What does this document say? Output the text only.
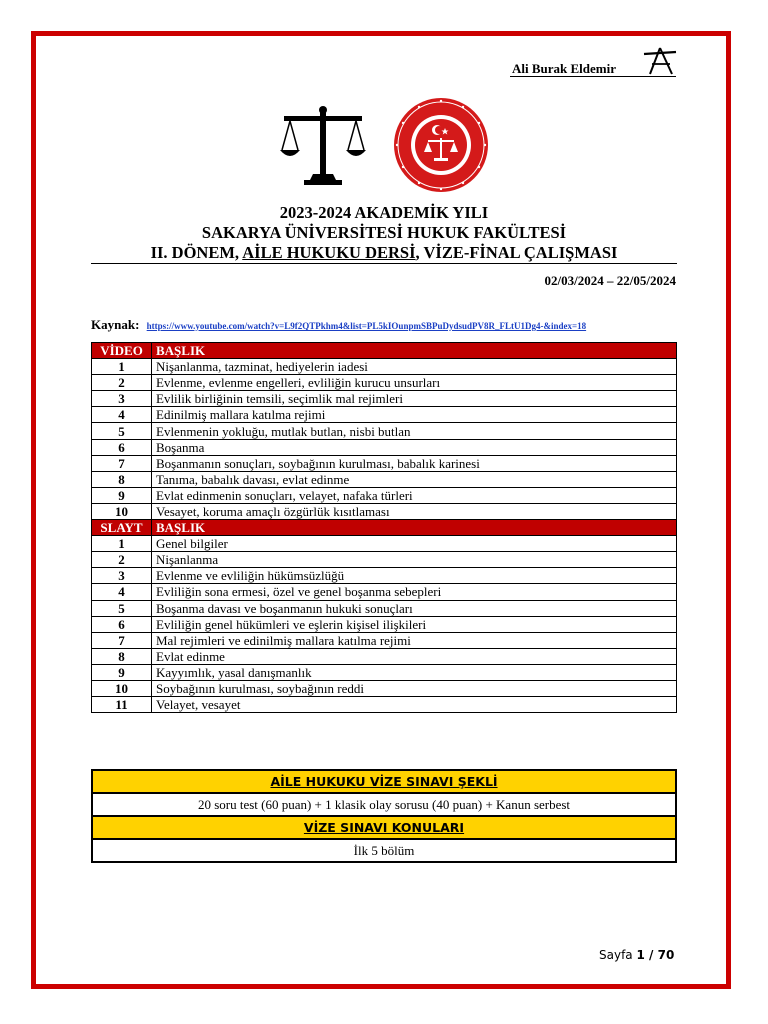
Ali Burak Eldemir
2023-2024 AKADEMİK YILI
SAKARYA ÜNİVERSİTESİ HUKUK FAKÜLTESİ
II. DÖNEM, AİLE HUKUKU DERSİ, VİZE-FİNAL ÇALIŞMASI
02/03/2024 – 22/05/2024
Kaynak: https://www.youtube.com/watch?v=L9f2QTPkhm4&list=PL5kIOunpmSBPuDydsudPV8R_FLtU1Dg4-&index=18
VİDEO	BAŞLIK
1	Nişanlanma, tazminat, hediyelerin iadesi
2	Evlenme, evlenme engelleri, evliliğin kurucu unsurları
3	Evlilik birliğinin temsili, seçimlik mal rejimleri
4	Edinilmiş mallara katılma rejimi
5	Evlenmenin yokluğu, mutlak butlan, nisbi butlan
6	Boşanma
7	Boşanmanın sonuçları, soybağının kurulması, babalık karinesi
8	Tanıma, babalık davası, evlat edinme
9	Evlat edinmenin sonuçları, velayet, nafaka türleri
10	Vesayet, koruma amaçlı özgürlük kısıtlaması
SLAYT	BAŞLIK
1	Genel bilgiler
2	Nişanlanma
3	Evlenme ve evliliğin hükümsüzlüğü
4	Evliliğin sona ermesi, özel ve genel boşanma sebepleri
5	Boşanma davası ve boşanmanın hukuki sonuçları
6	Evliliğin genel hükümleri ve eşlerin kişisel ilişkileri
7	Mal rejimleri ve edinilmiş mallara katılma rejimi
8	Evlat edinme
9	Kayyımlık, yasal danışmanlık
10	Soybağının kurulması, soybağının reddi
11	Velayet, vesayet
AİLE HUKUKU VİZE SINAVI ŞEKLİ
20 soru test (60 puan) + 1 klasik olay sorusu (40 puan) + Kanun serbest
VİZE SINAVI KONULARI
İlk 5 bölüm
Sayfa 1 / 70
